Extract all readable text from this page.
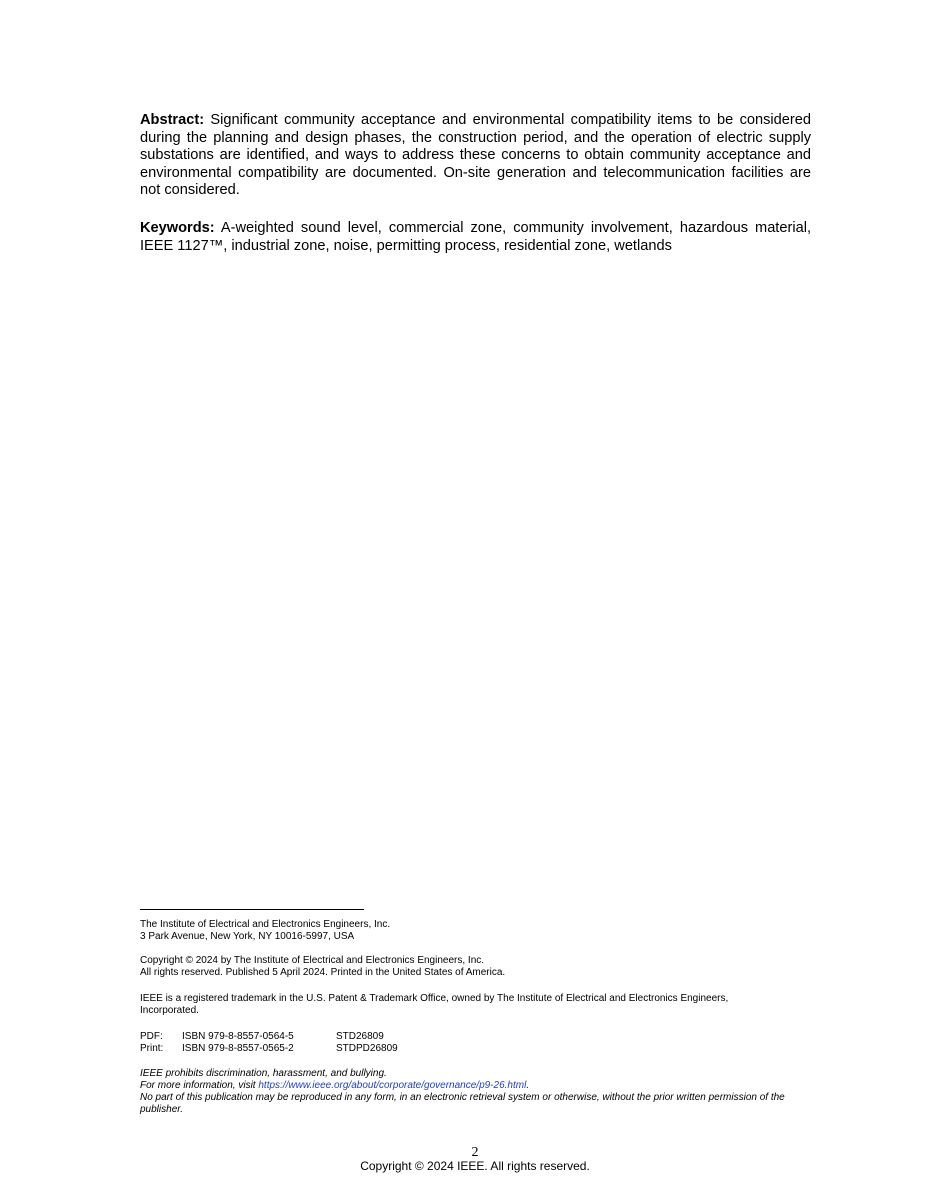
Abstract: Significant community acceptance and environmental compatibility items to be considered during the planning and design phases, the construction period, and the operation of electric supply substations are identified, and ways to address these concerns to obtain community acceptance and environmental compatibility are documented. On-site generation and telecommunication facilities are not considered.

Keywords: A-weighted sound level, commercial zone, community involvement, hazardous material, IEEE 1127™, industrial zone, noise, permitting process, residential zone, wetlands

The Institute of Electrical and Electronics Engineers, Inc.
3 Park Avenue, New York, NY 10016-5997, USA
Copyright © 2024 by The Institute of Electrical and Electronics Engineers, Inc.
All rights reserved. Published 5 April 2024. Printed in the United States of America.
IEEE is a registered trademark in the U.S. Patent & Trademark Office, owned by The Institute of Electrical and Electronics Engineers, Incorporated.
PDF:	ISBN 979-8-8557-0564-5	STD26809
Print:	ISBN 979-8-8557-0565-2	STDPD26809
IEEE prohibits discrimination, harassment, and bullying.
For more information, visit https://www.ieee.org/about/corporate/governance/p9-26.html.
No part of this publication may be reproduced in any form, in an electronic retrieval system or otherwise, without the prior written permission of the publisher.
2
Copyright © 2024 IEEE. All rights reserved.
